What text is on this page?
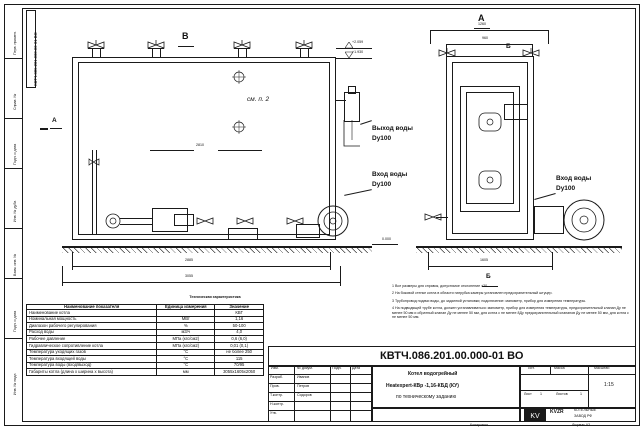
Перв. примен.
Справ. №
Подп. и дата
Инв. № дубл.
Взам. инв. №
Подп. и дата
Инв. № подл.
КВТЧ.086.201.000.00-01 ВО	В
А
см. п. 2
+2.059
+1.930
Выход воды
Dy100
Вход воды
Dy100
2810
0.000
2885
3055
А
1260
960
Б
Вход воды
Dy100
1605
Б
1 Все размеры для справок, допустимое отклонение ±30.
2 На боковой стенке котла в области патрубка камеры установлен предохранительный штуцер.
3 Трубопровод подачи воды, до заданной установки; подключение: манометр, прибор для измерения температуры.
4 На подводящей трубе котла, должен устанавливаться: манометр, прибор для измерения температуры, предохранительный клапан Ду не менее 50 мм и обратный клапан Ду не менее 50 мм, для котла с не менее 8Ду предохранительный клапанов Ду не менее 50 мм, для котла с не менее 50 мм.
Техническая характеристика
Наименование показателя	Единица измерения	Значение
Наименование котла		КВГ
Номинальная мощность	МВт	1,16
Диапазон рабочего регулирования	%	50-100
Расход воды	м3/ч	4,0
Рабочее давление	МПа (кгс/см2)	0,6 (6,0)
Гидравлическое сопротивление котла	МПа (кгс/см2)	0,01 (0,1)
Температура уходящих газов	°С	не более 250
Температура входящей воды	°С	115
Температура воды (вход/выход)	°С	70/95
Габариты котла (длина х ширина х высота)	мм	3055х1605х2050
КВТЧ.086.201.00.000-01 ВО
Изм.	№ докум.	Подп.	Дата
Разраб.
Пров.
Т.контр.
Н.контр.
Утв.
Иванов
Петров
Сидоров
Котел водогрейный
Heatexpert-КВр -1,16-КБД (КУ)
по техническому заданию
Лит.	Масса	Масштаб
1:15
Лист 1	Листов	1
KV
KVZR	КОТЕЛЬНЫЕ
ЗАВОД РФ
Копировал	Формат А3
